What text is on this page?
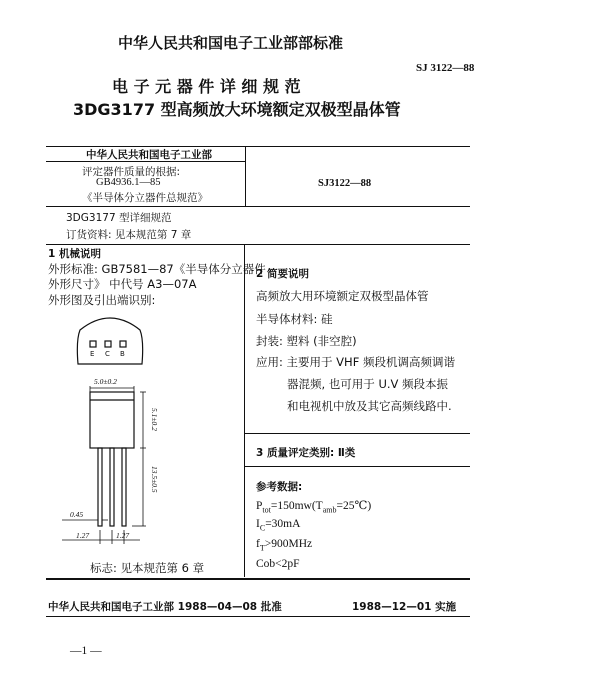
中华人民共和国电子工业部部标准
SJ 3122—88
电 子 元 器 件 详 细 规 范
3DG3177 型高频放大环境额定双极型晶体管
中华人民共和国电子工业部
评定器件质量的根据:
GB4936.1—85
《半导体分立器件总规范》
SJ3122—88
3DG3177 型详细规范
订货资料: 见本规范第 7 章
1 机械说明
外形标准: GB7581—87《半导体分立器件
外形尺寸》 中代号 A3—07A
外形图及引出端识别:
E C B
5.0±0.2
5.1±0.2
13.5±0.5
0.45
1.27	1.27
标志: 见本规范第 6 章
2 简要说明
高频放大用环境额定双极型晶体管
半导体材料: 硅
封装: 塑料 (非空腔)
应用: 主要用于 VHF 频段机调高频调谐
器混频, 也可用于 U.V 频段本振
和电视机中放及其它高频线路中.
3 质量评定类别: Ⅱ类
参考数据:
$P_{tot}=150mw(T_{amb}=25℃)$
$I_C=30mA$
$f_T>900MHz$
Cob<2pF
中华人民共和国电子工业部 1988—04—08 批准	1988—12—01 实施
—1 —
